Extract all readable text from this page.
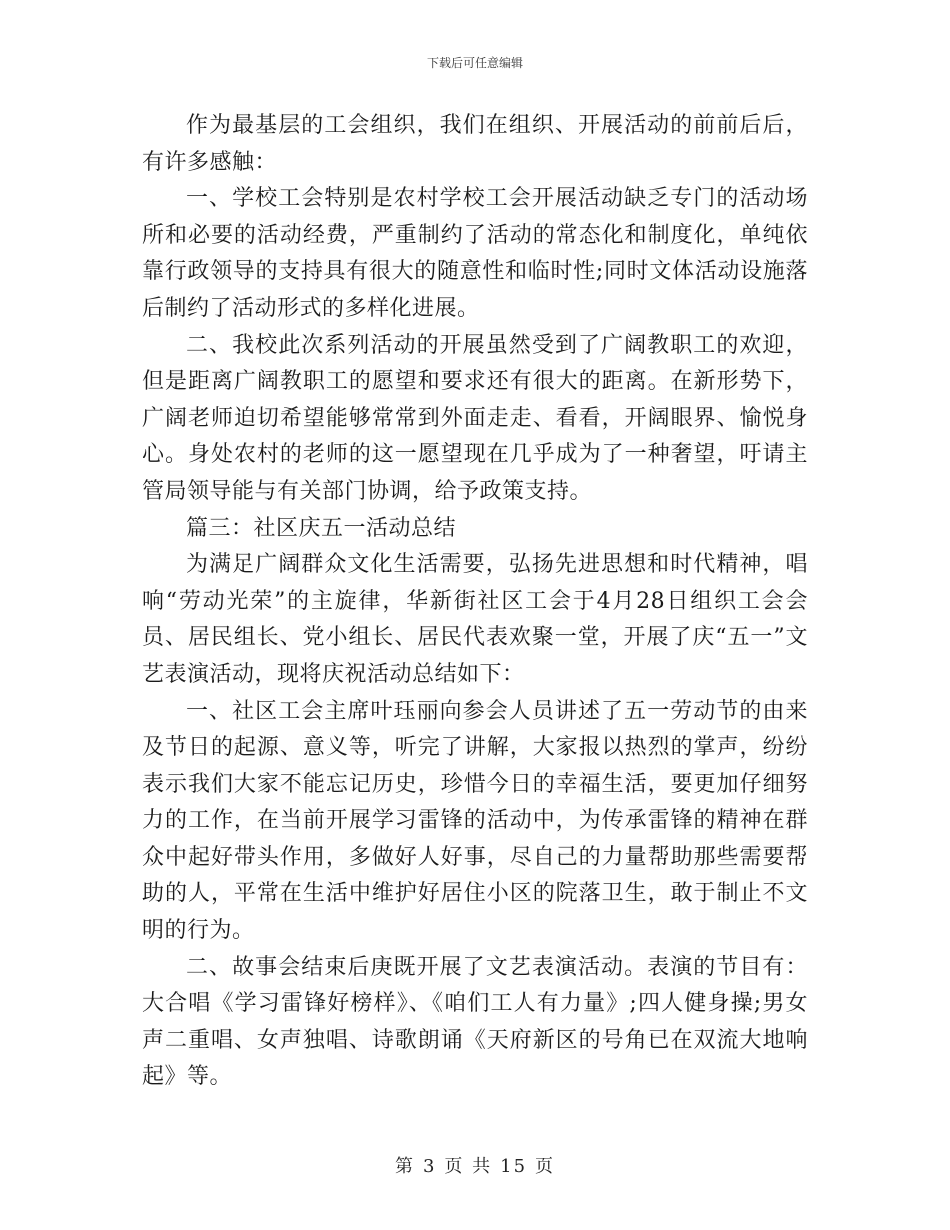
下载后可任意编辑

作为最基层的工会组织，我们在组织、开展活动的前前后后，有许多感触：

一、学校工会特别是农村学校工会开展活动缺乏专门的活动场所和必要的活动经费，严重制约了活动的常态化和制度化，单纯依靠行政领导的支持具有很大的随意性和临时性;同时文体活动设施落后制约了活动形式的多样化进展。

二、我校此次系列活动的开展虽然受到了广阔教职工的欢迎，但是距离广阔教职工的愿望和要求还有很大的距离。在新形势下，广阔老师迫切希望能够常常到外面走走、看看，开阔眼界、愉悦身心。身处农村的老师的这一愿望现在几乎成为了一种奢望，吁请主管局领导能与有关部门协调，给予政策支持。

篇三：社区庆五一活动总结

为满足广阔群众文化生活需要，弘扬先进思想和时代精神，唱响“劳动光荣”的主旋律，华新街社区工会于4月28日组织工会会员、居民组长、党小组长、居民代表欢聚一堂，开展了庆“五一”文艺表演活动，现将庆祝活动总结如下：

一、社区工会主席叶珏丽向参会人员讲述了五一劳动节的由来及节日的起源、意义等，听完了讲解，大家报以热烈的掌声，纷纷表示我们大家不能忘记历史，珍惜今日的幸福生活，要更加仔细努力的工作，在当前开展学习雷锋的活动中，为传承雷锋的精神在群众中起好带头作用，多做好人好事，尽自己的力量帮助那些需要帮助的人，平常在生活中维护好居住小区的院落卫生，敢于制止不文明的行为。

二、故事会结束后庚既开展了文艺表演活动。表演的节目有：大合唱《学习雷锋好榜样》、《咱们工人有力量》;四人健身操;男女声二重唱、女声独唱、诗歌朗诵《天府新区的号角已在双流大地响起》等。

第 3 页 共 15 页
